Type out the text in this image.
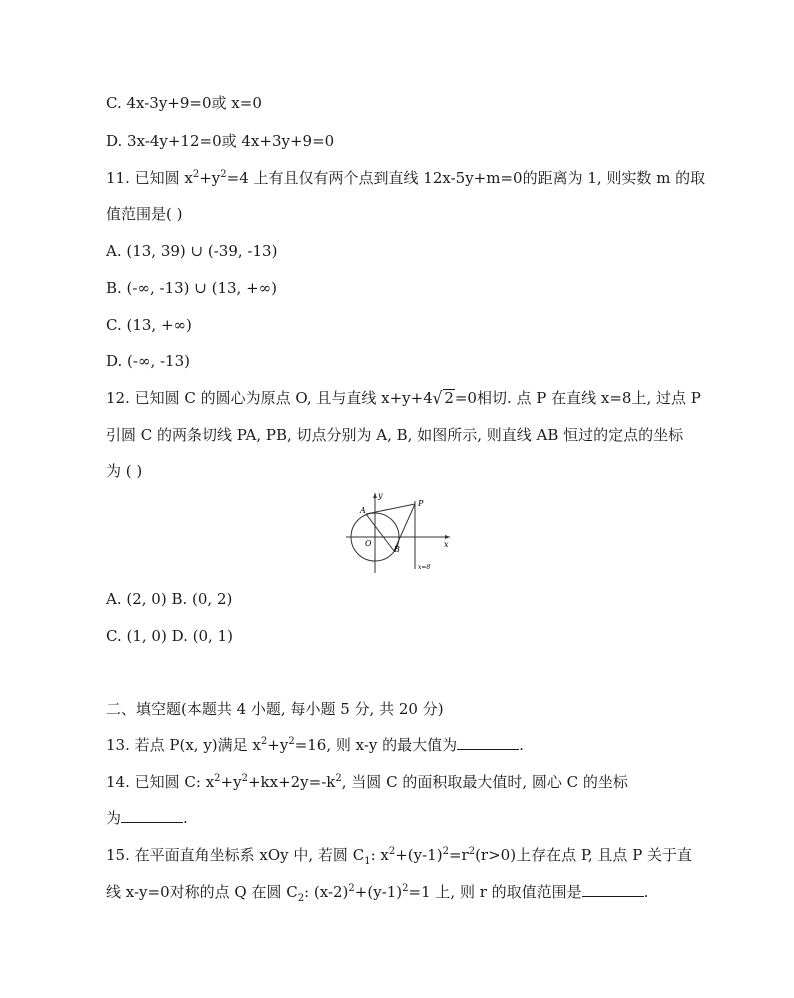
C. 4x-3y+9=0或 x=0
D. 3x-4y+12=0或 4x+3y+9=0
11. 已知圆 $x^2+y^2=4$ 上有且仅有两个点到直线 12x-5y+m=0的距离为 1, 则实数 m 的取
值范围是( )
A. (13, 39) ∪ (-39, -13)
B. (-∞, -13) ∪ (13, +∞)
C. (13, +∞)
D. (-∞, -13)
12. 已知圆 C 的圆心为原点 O, 且与直线 x+y+4√ 2=0相切. 点 P 在直线 x=8上, 过点 P
引圆 C 的两条切线 PA, PB, 切点分别为 A, B, 如图所示, 则直线 AB 恒过的定点的坐标
为 ( )
y
x
P
A
O
B
x=8
A. (2, 0) B. (0, 2)
C. (1, 0) D. (0, 1)
二、填空题(本题共 4 小题, 每小题 5 分, 共 20 分)
13. 若点 P(x, y)满足 $x^2+y^2=16$, 则 x-y 的最大值为	.
14. 已知圆 C: $x^2+y^2+kx+2y=-k^2$, 当圆 C 的面积取最大值时, 圆心 C 的坐标
为	.
15. 在平面直角坐标系 xOy 中, 若圆 $C_1$: $x^2+(y-1)^2=r^2(r>0)$上存在点 P, 且点 P 关于直
线 x-y=0对称的点 Q 在圆 $C_2$: $(x-2)^2+(y-1)^2=1$ 上, 则 r 的取值范围是	.
